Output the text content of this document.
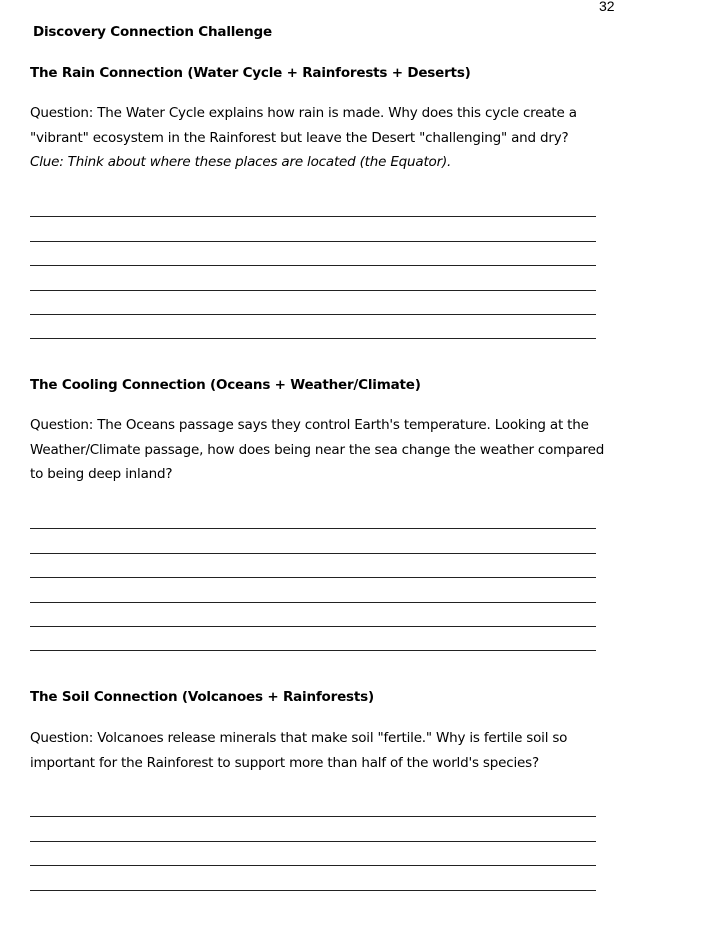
32
Discovery Connection Challenge
The Rain Connection (Water Cycle + Rainforests + Deserts)
Question: The Water Cycle explains how rain is made. Why does this cycle create a "vibrant" ecosystem in the Rainforest but leave the Desert "challenging" and dry?
Clue: Think about where these places are located (the Equator).
The Cooling Connection (Oceans + Weather/Climate)
Question: The Oceans passage says they control Earth's temperature. Looking at the Weather/Climate passage, how does being near the sea change the weather compared to being deep inland?
The Soil Connection (Volcanoes + Rainforests)
Question: Volcanoes release minerals that make soil "fertile." Why is fertile soil so important for the Rainforest to support more than half of the world's species?
